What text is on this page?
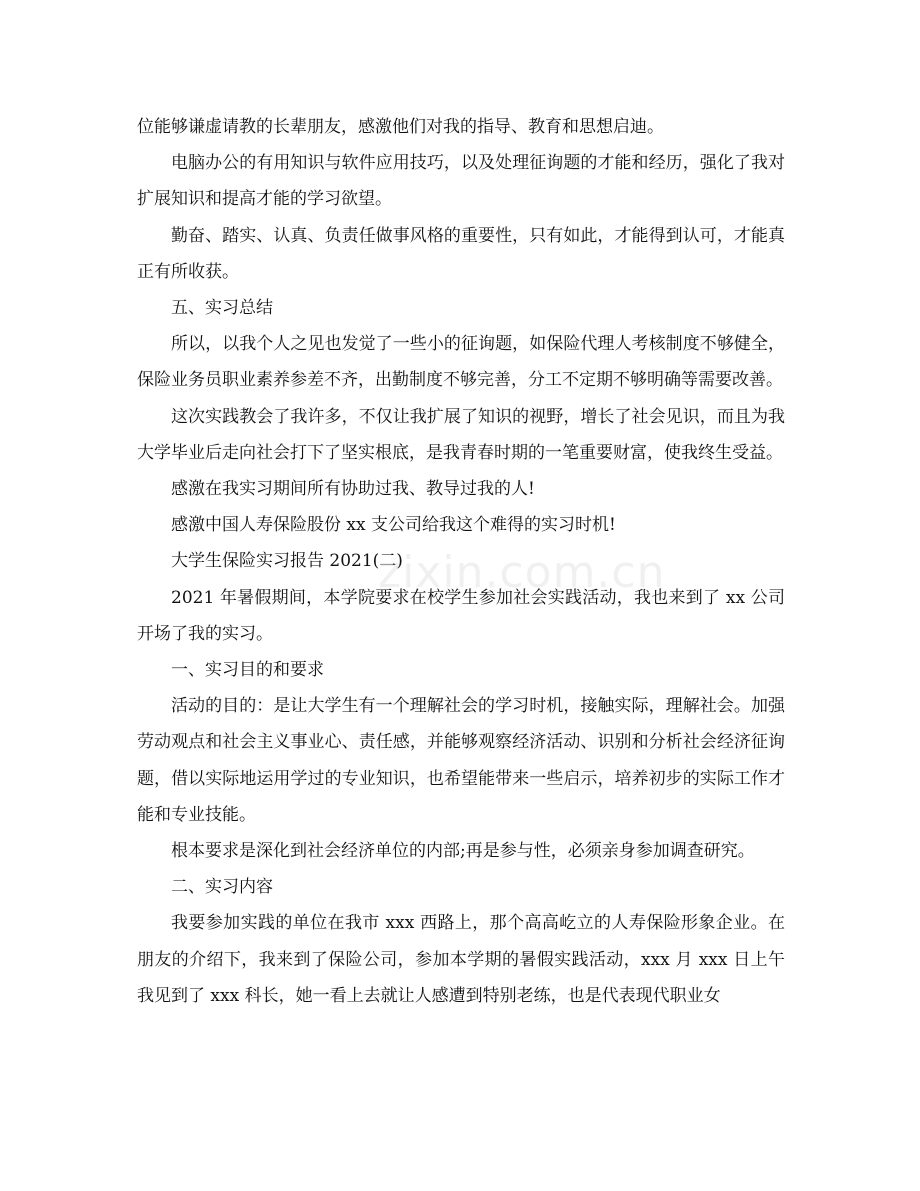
位能够谦虚请教的长辈朋友，感激他们对我的指导、教育和思想启迪。

电脑办公的有用知识与软件应用技巧，以及处理征询题的才能和经历，强化了我对扩展知识和提高才能的学习欲望。

勤奋、踏实、认真、负责任做事风格的重要性，只有如此，才能得到认可，才能真正有所收获。

五、实习总结

所以，以我个人之见也发觉了一些小的征询题，如保险代理人考核制度不够健全，保险业务员职业素养参差不齐，出勤制度不够完善，分工不定期不够明确等需要改善。

这次实践教会了我许多，不仅让我扩展了知识的视野，增长了社会见识，而且为我大学毕业后走向社会打下了坚实根底，是我青春时期的一笔重要财富，使我终生受益。

感激在我实习期间所有协助过我、教导过我的人!

感激中国人寿保险股份 xx 支公司给我这个难得的实习时机!

大学生保险实习报告 2021(二)

2021 年暑假期间，本学院要求在校学生参加社会实践活动，我也来到了 xx 公司开场了我的实习。

一、实习目的和要求

活动的目的：是让大学生有一个理解社会的学习时机，接触实际，理解社会。加强劳动观点和社会主义事业心、责任感，并能够观察经济活动、识别和分析社会经济征询题，借以实际地运用学过的专业知识，也希望能带来一些启示，培养初步的实际工作才能和专业技能。

根本要求是深化到社会经济单位的内部;再是参与性，必须亲身参加调查研究。

二、实习内容

我要参加实践的单位在我市 xxx 西路上，那个高高屹立的人寿保险形象企业。在朋友的介绍下，我来到了保险公司，参加本学期的暑假实践活动，xxx 月 xxx 日上午我见到了 xxx 科长，她一看上去就让人感遭到特别老练，也是代表现代职业女

zixin.com.cn
